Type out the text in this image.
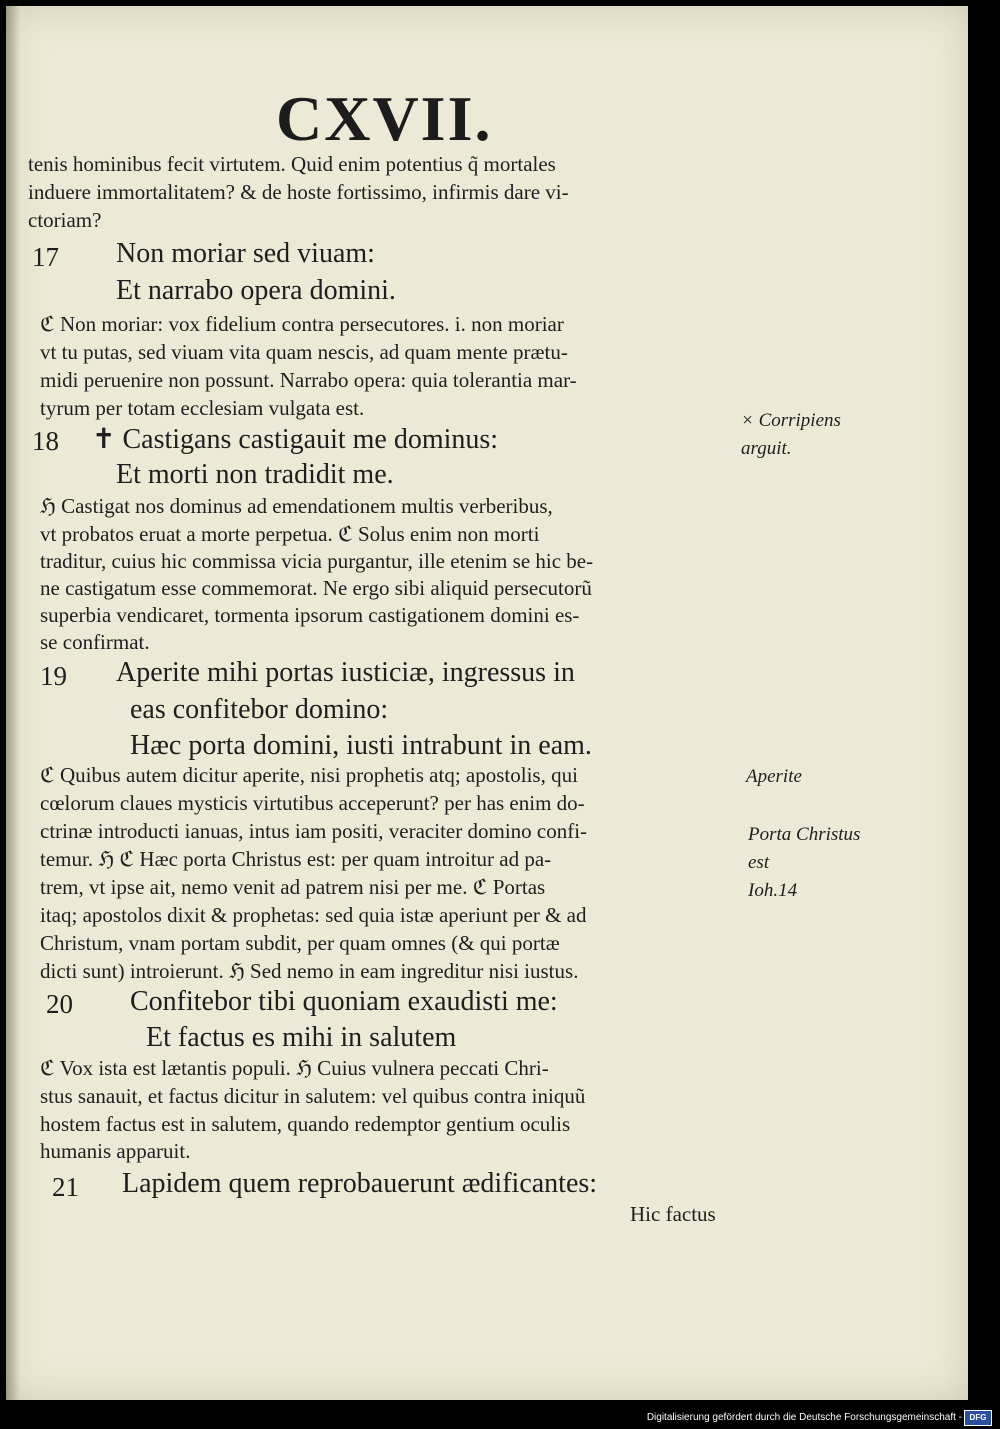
CXVII.
tenis hominibus fecit virtutem. Quid enim potentius q̃ mortales
induere immortalitatem? & de hoste fortissimo, infirmis dare vi-
ctoriam?
Non moriar sed viuam:
Et narrabo opera domini.
ℭ Non moriar: vox fidelium contra persecutores. i. non moriar
vt tu putas, sed viuam vita quam nescis, ad quam mente prætu-
midi peruenire non possunt. Narrabo opera: quia tolerantia mar-
tyrum per totam ecclesiam vulgata est.
✝ Castigans castigauit me dominus:
Et morti non tradidit me.
ℌ Castigat nos dominus ad emendationem multis verberibus,
vt probatos eruat a morte perpetua. ℭ Solus enim non morti
traditur, cuius hic commissa vicia purgantur, ille etenim se hic be-
ne castigatum esse commemorat. Ne ergo sibi aliquid persecutorũ
superbia vendicaret, tormenta ipsorum castigationem domini es-
se confirmat.
Aperite mihi portas iusticiæ, ingressus in
eas confitebor domino:
Hæc porta domini, iusti intrabunt in eam.
ℭ Quibus autem dicitur aperite, nisi prophetis atq; apostolis, qui
cœlorum claues mysticis virtutibus acceperunt? per has enim do-
ctrinæ introducti ianuas, intus iam positi, veraciter domino confi-
temur. ℌ ℭ Hæc porta Christus est: per quam introitur ad pa-
trem, vt ipse ait, nemo venit ad patrem nisi per me. ℭ Portas
itaq; apostolos dixit & prophetas: sed quia istæ aperiunt per & ad
Christum, vnam portam subdit, per quam omnes (& qui portæ
dicti sunt) introierunt. ℌ Sed nemo in eam ingreditur nisi iustus.
Confitebor tibi quoniam exaudisti me:
Et factus es mihi in salutem
ℭ Vox ista est lætantis populi. ℌ Cuius vulnera peccati Chri-
stus sanauit, et factus dicitur in salutem: vel quibus contra iniquũ
hostem factus est in salutem, quando redemptor gentium oculis
humanis apparuit.
Lapidem quem reprobauerunt ædificantes:
Hic factus
17
18
19
20
21
× Corripiens
arguit.
Aperite
Porta Christus
est
Ioh.14
Digitalisierung gefördert durch die Deutsche Forschungsgemeinschaft - DFG
